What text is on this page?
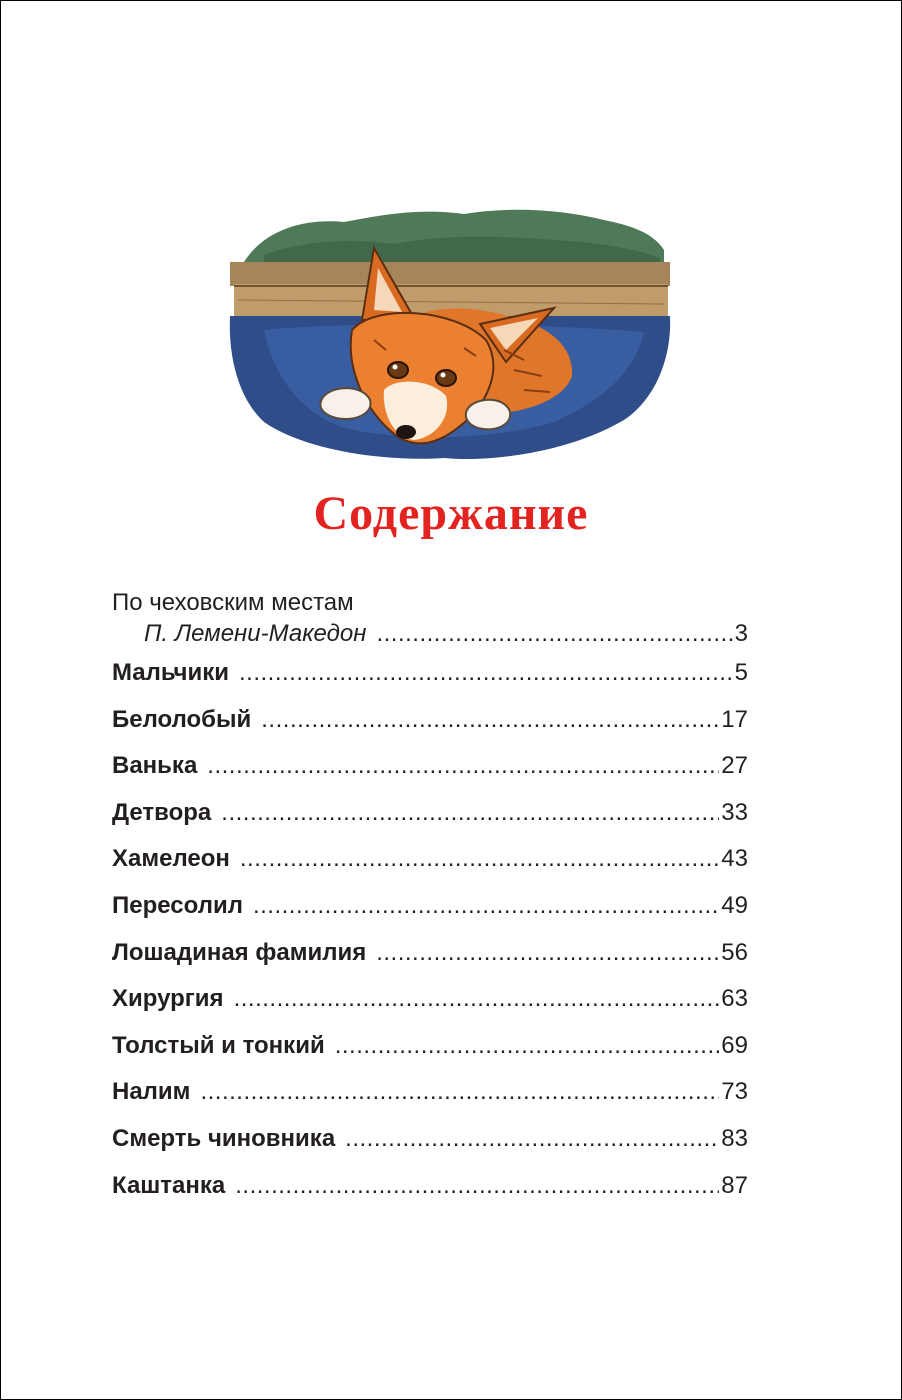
Содержание
По чеховским местам
П. Лемени-Македон .....	3
Мальчики .....	5
Белолобый .....	17
Ванька .....	27
Детвора .....	33
Хамелеон .....	43
Пересолил .....	49
Лошадиная фамилия .....	56
Хирургия .....	63
Толстый и тонкий .....	69
Налим .....	73
Смерть чиновника .....	83
Каштанка .....	87
